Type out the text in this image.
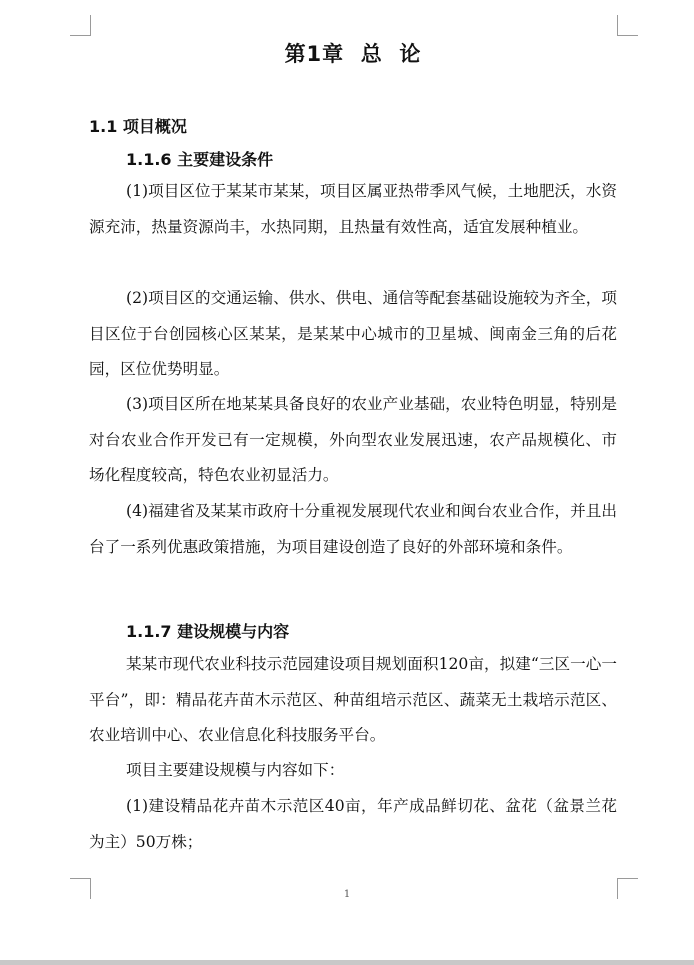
第1章  总  论
1.1 项目概况
1.1.6 主要建设条件

(1)项目区位于某某市某某，项目区属亚热带季风气候，土地肥沃，水资源充沛，热量资源尚丰，水热同期，且热量有效性高，适宜发展种植业。

(2)项目区的交通运输、供水、供电、通信等配套基础设施较为齐全，项目区位于台创园核心区某某，是某某中心城市的卫星城、闽南金三角的后花园，区位优势明显。

(3)项目区所在地某某具备良好的农业产业基础，农业特色明显，特别是对台农业合作开发已有一定规模，外向型农业发展迅速，农产品规模化、市场化程度较高，特色农业初显活力。

(4)福建省及某某市政府十分重视发展现代农业和闽台农业合作，并且出台了一系列优惠政策措施，为项目建设创造了良好的外部环境和条件。

1.1.7 建设规模与内容

某某市现代农业科技示范园建设项目规划面积120亩，拟建“三区一心一平台”，即：精品花卉苗木示范区、种苗组培示范区、蔬菜无土栽培示范区、农业培训中心、农业信息化科技服务平台。

项目主要建设规模与内容如下：

(1)建设精品花卉苗木示范区40亩，年产成品鲜切花、盆花（盆景兰花为主）50万株；

1
